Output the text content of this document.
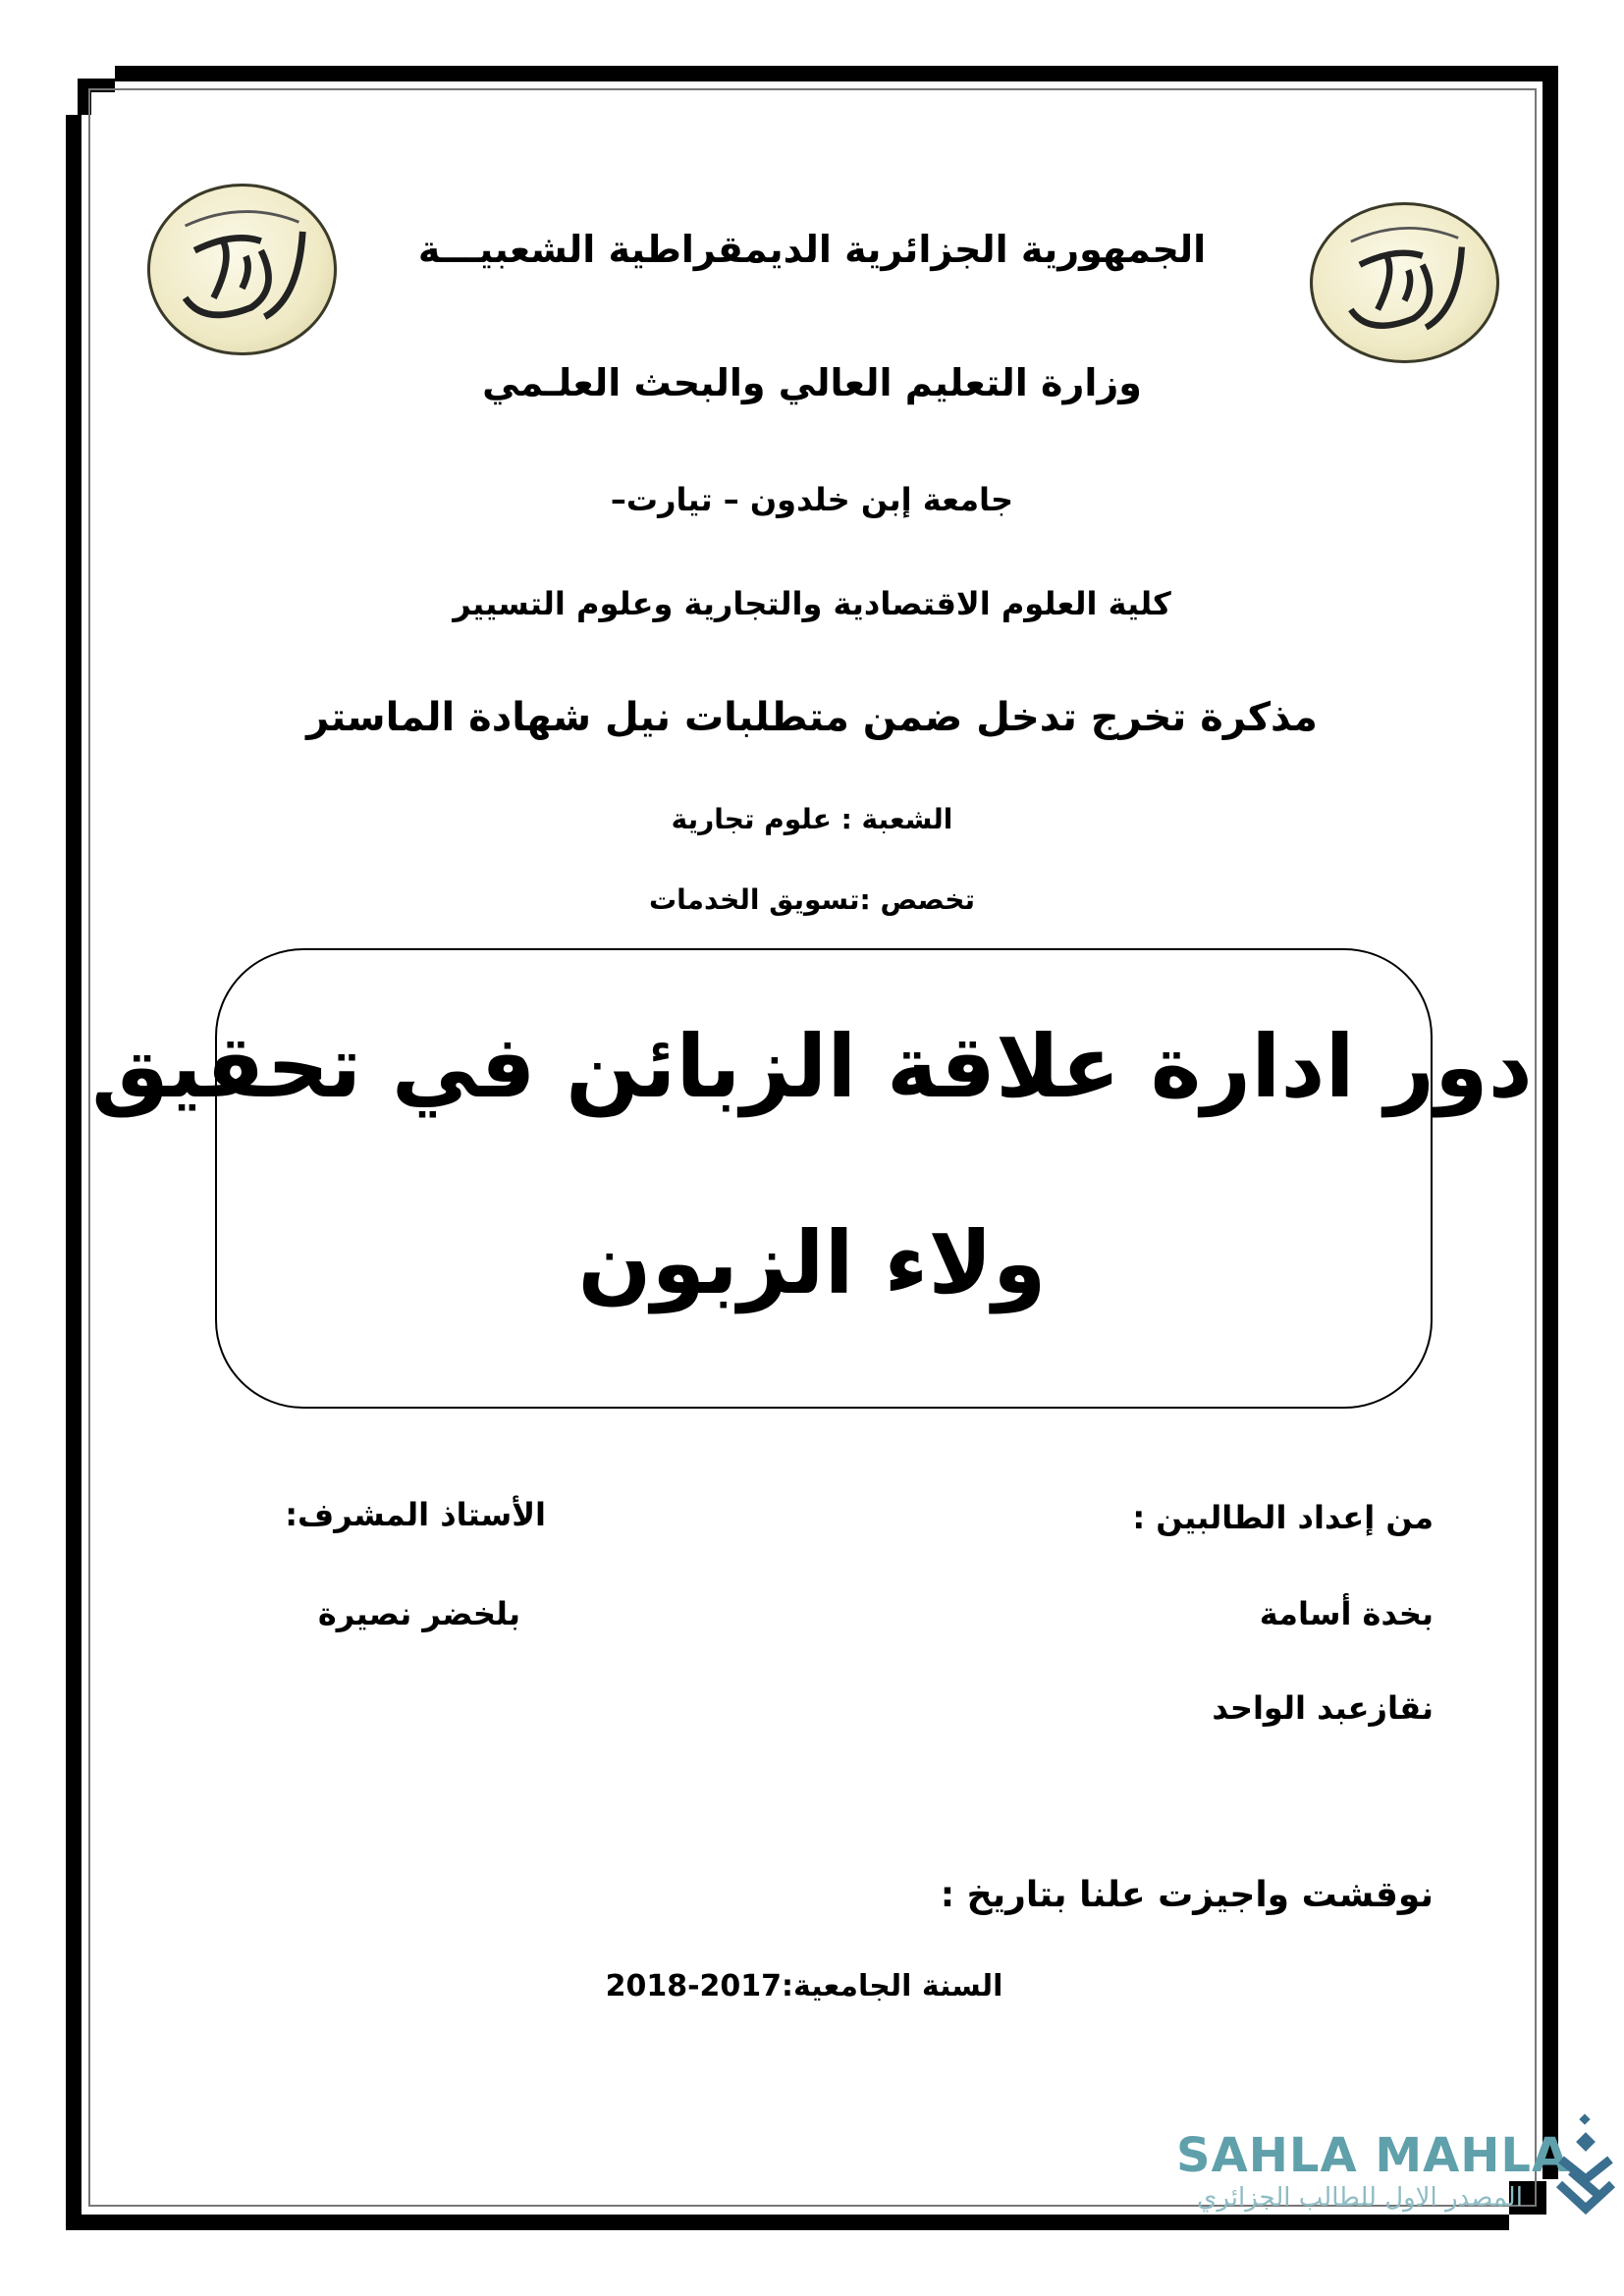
الجمهورية الجزائرية الديمقراطية الشعبيـــة
وزارة التعليم العالي والبحث العلـمي
جامعة إبن خلدون – تيارت–
كلية العلوم الاقتصادية والتجارية وعلوم التسيير
مذكرة تخرج تدخل ضمن متطلبات نيل شهادة الماستر
الشعبة : علوم تجارية
تخصص :تسويق الخدمات
دور ادارة علاقة الزبائن في تحقيق
ولاء الزبون
من إعداد الطالبين :
بخدة أسامة
نقازعبد الواحد
الأستاذ المشرف:
بلخضر نصيرة
نوقشت واجيزت علنا بتاريخ :
السنة الجامعية:2017-2018
SAHLA MAHLA
المصدر الاول للطالب الجزائري
